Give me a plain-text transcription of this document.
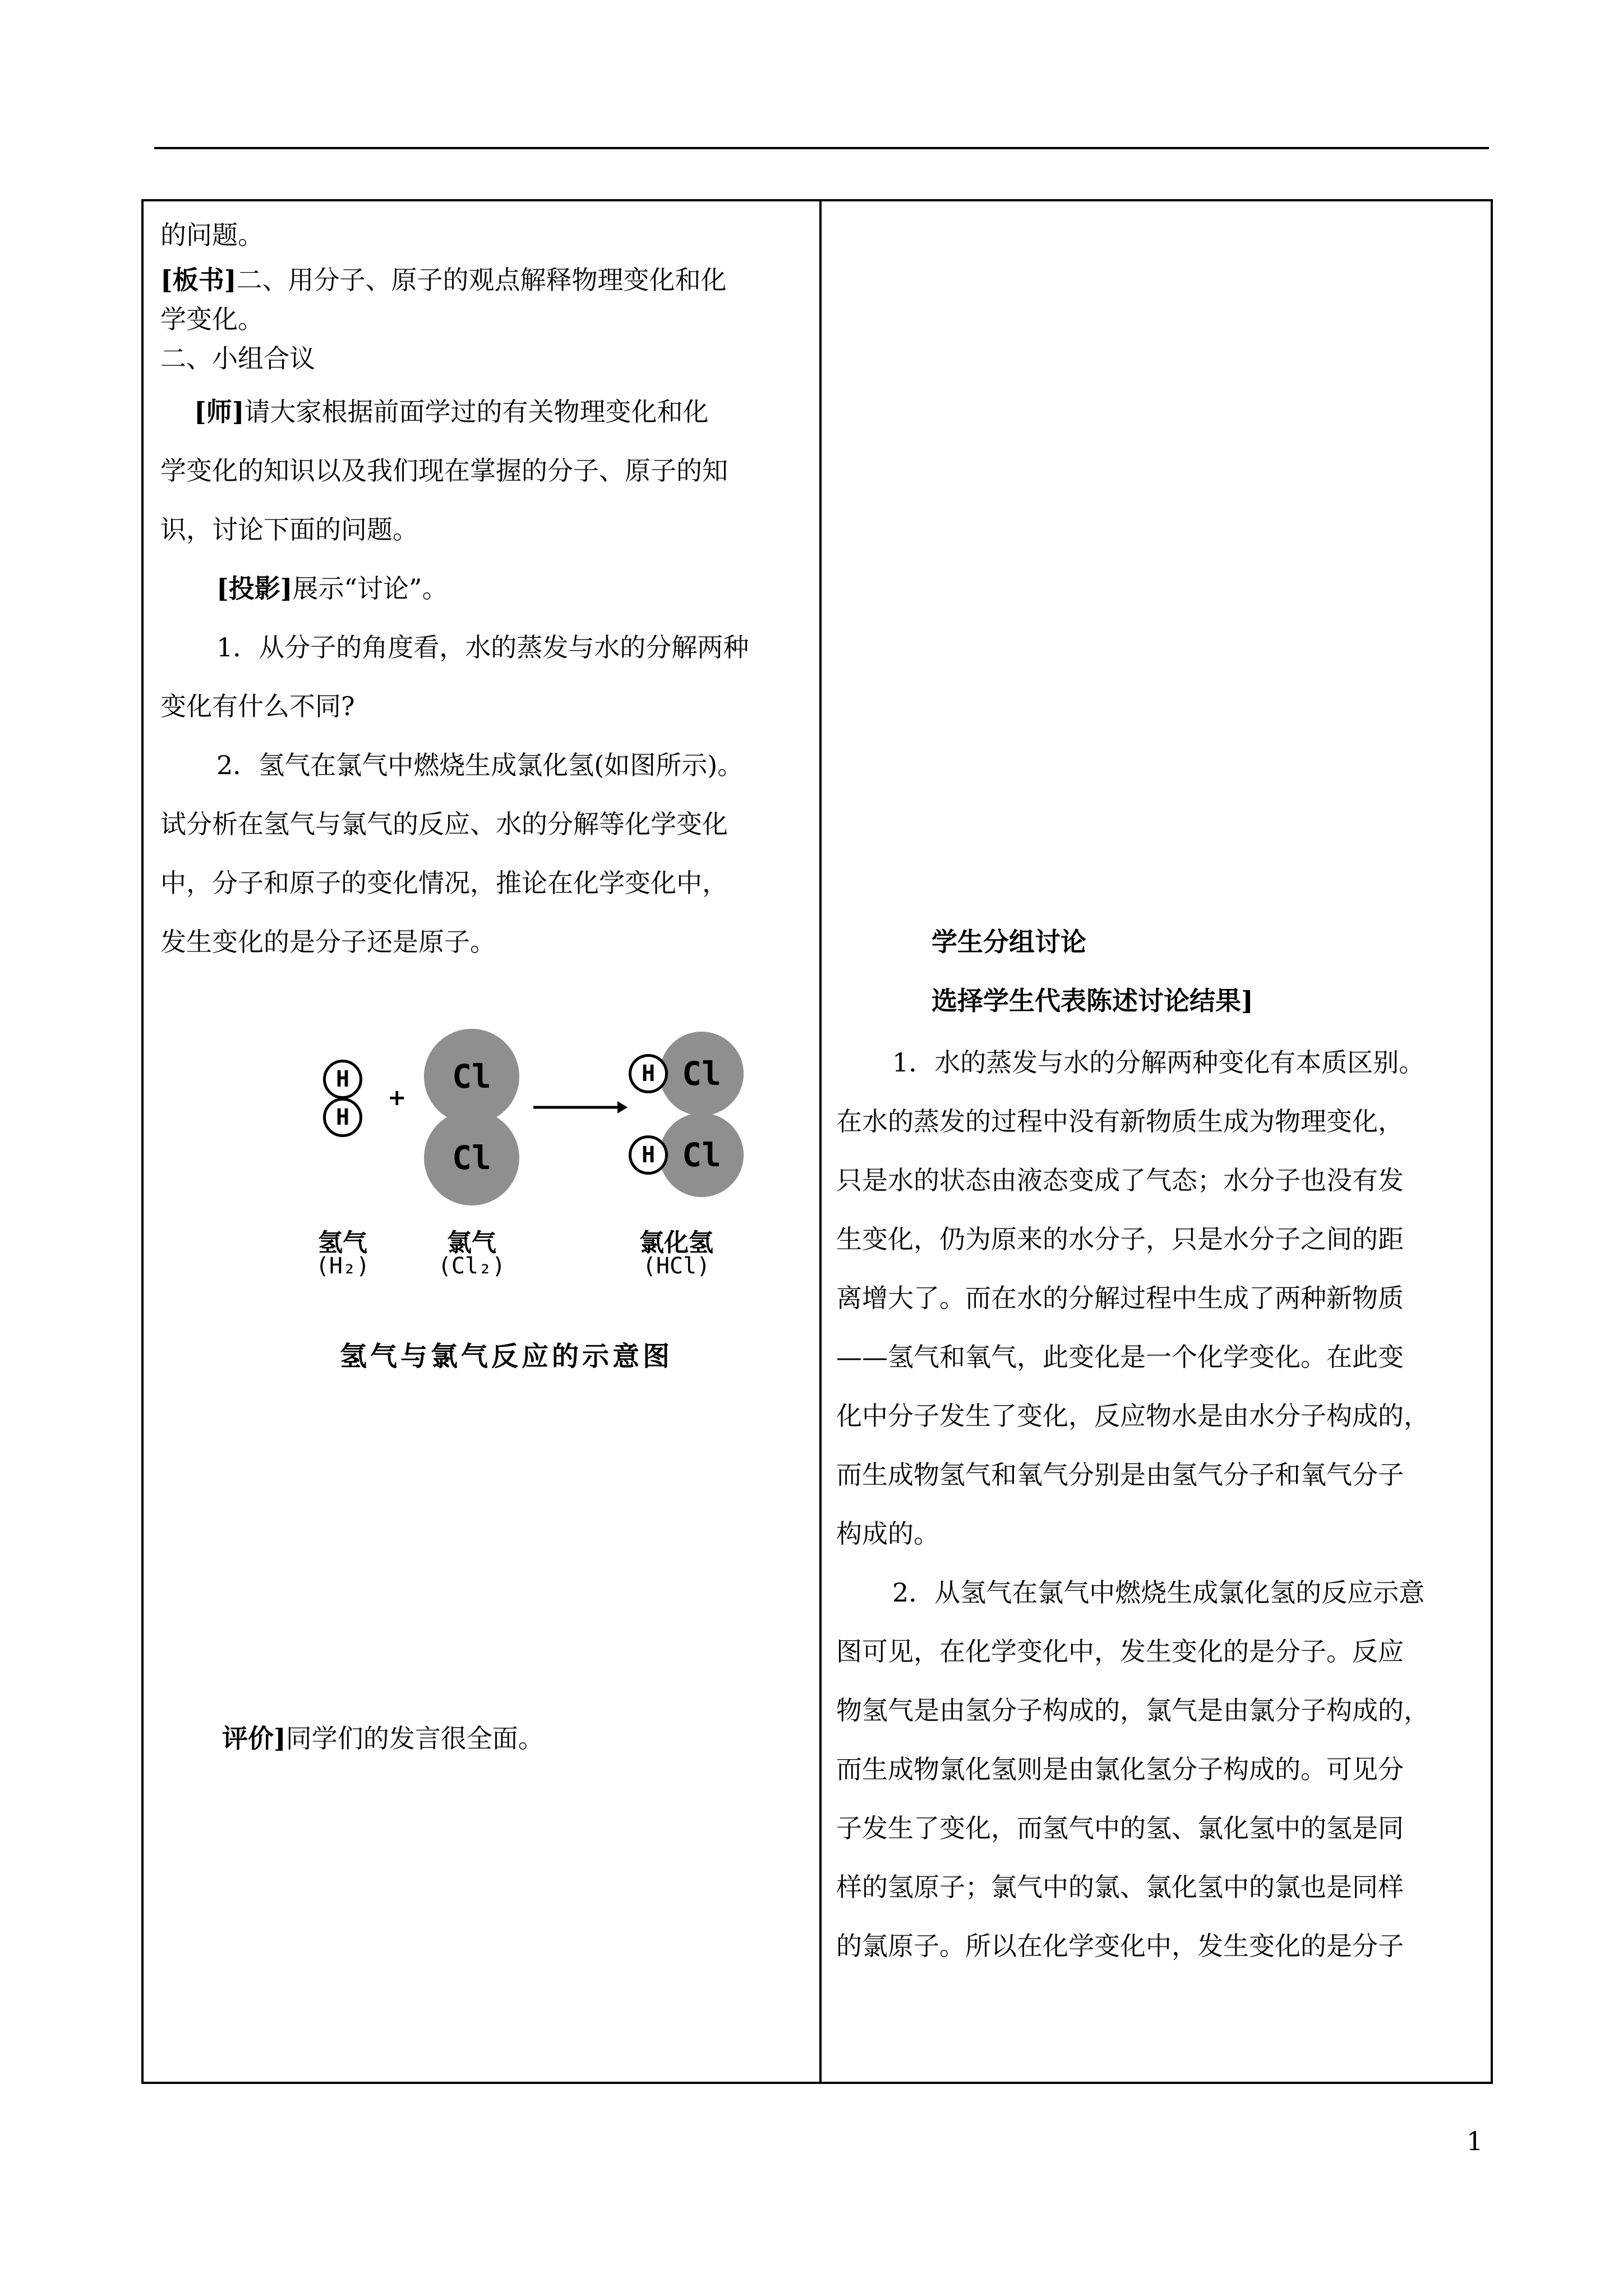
的问题。
[板书]二、用分子、原子的观点解释物理变化和化
学变化。
二、小组合议
[师]请大家根据前面学过的有关物理变化和化
学变化的知识以及我们现在掌握的分子、原子的知
识，讨论下面的问题。
[投影]展示“讨论”。
1．从分子的角度看，水的蒸发与水的分解两种
变化有什么不同?
2．氢气在氯气中燃烧生成氯化氢(如图所示)。
试分析在氢气与氯气的反应、水的分解等化学变化
中，分子和原子的变化情况，推论在化学变化中，
发生变化的是分子还是原子。
H
H
+
Cl
Cl
Cl
H
Cl
H
氢气	氯气	氯化氢
(H₂)	(Cl₂)	(HCl)
氢气与氯气反应的示意图
评价]同学们的发言很全面。
学生分组讨论
选择学生代表陈述讨论结果]
1．水的蒸发与水的分解两种变化有本质区别。
在水的蒸发的过程中没有新物质生成为物理变化，
只是水的状态由液态变成了气态；水分子也没有发
生变化，仍为原来的水分子，只是水分子之间的距
离增大了。而在水的分解过程中生成了两种新物质
——氢气和氧气，此变化是一个化学变化。在此变
化中分子发生了变化，反应物水是由水分子构成的，
而生成物氢气和氧气分别是由氢气分子和氧气分子
构成的。
2．从氢气在氯气中燃烧生成氯化氢的反应示意
图可见，在化学变化中，发生变化的是分子。反应
物氢气是由氢分子构成的，氯气是由氯分子构成的，
而生成物氯化氢则是由氯化氢分子构成的。可见分
子发生了变化，而氢气中的氢、氯化氢中的氢是同
样的氢原子；氯气中的氯、氯化氢中的氯也是同样
的氯原子。所以在化学变化中，发生变化的是分子
1
